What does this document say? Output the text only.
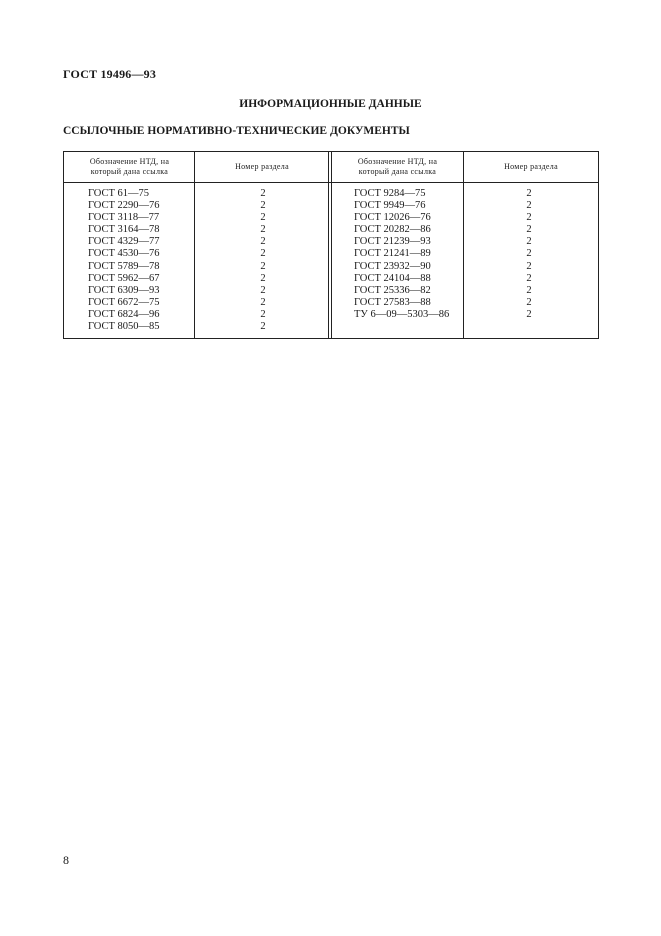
ГОСТ 19496—93
ИНФОРМАЦИОННЫЕ ДАННЫЕ
ССЫЛОЧНЫЕ НОРМАТИВНО-ТЕХНИЧЕСКИЕ ДОКУМЕНТЫ
Обозначение НТД, на
который дана ссылка
Номер раздела
Обозначение НТД, на
который дана ссылка
Номер раздела
ГОСТ 61—75
ГОСТ 2290—76
ГОСТ 3118—77
ГОСТ 3164—78
ГОСТ 4329—77
ГОСТ 4530—76
ГОСТ 5789—78
ГОСТ 5962—67
ГОСТ 6309—93
ГОСТ 6672—75
ГОСТ 6824—96
ГОСТ 8050—85
2
2
2
2
2
2
2
2
2
2
2
2
ГОСТ 9284—75
ГОСТ 9949—76
ГОСТ 12026—76
ГОСТ 20282—86
ГОСТ 21239—93
ГОСТ 21241—89
ГОСТ 23932—90
ГОСТ 24104—88
ГОСТ 25336—82
ГОСТ 27583—88
ТУ 6—09—5303—86
2
2
2
2
2
2
2
2
2
2
2
8
